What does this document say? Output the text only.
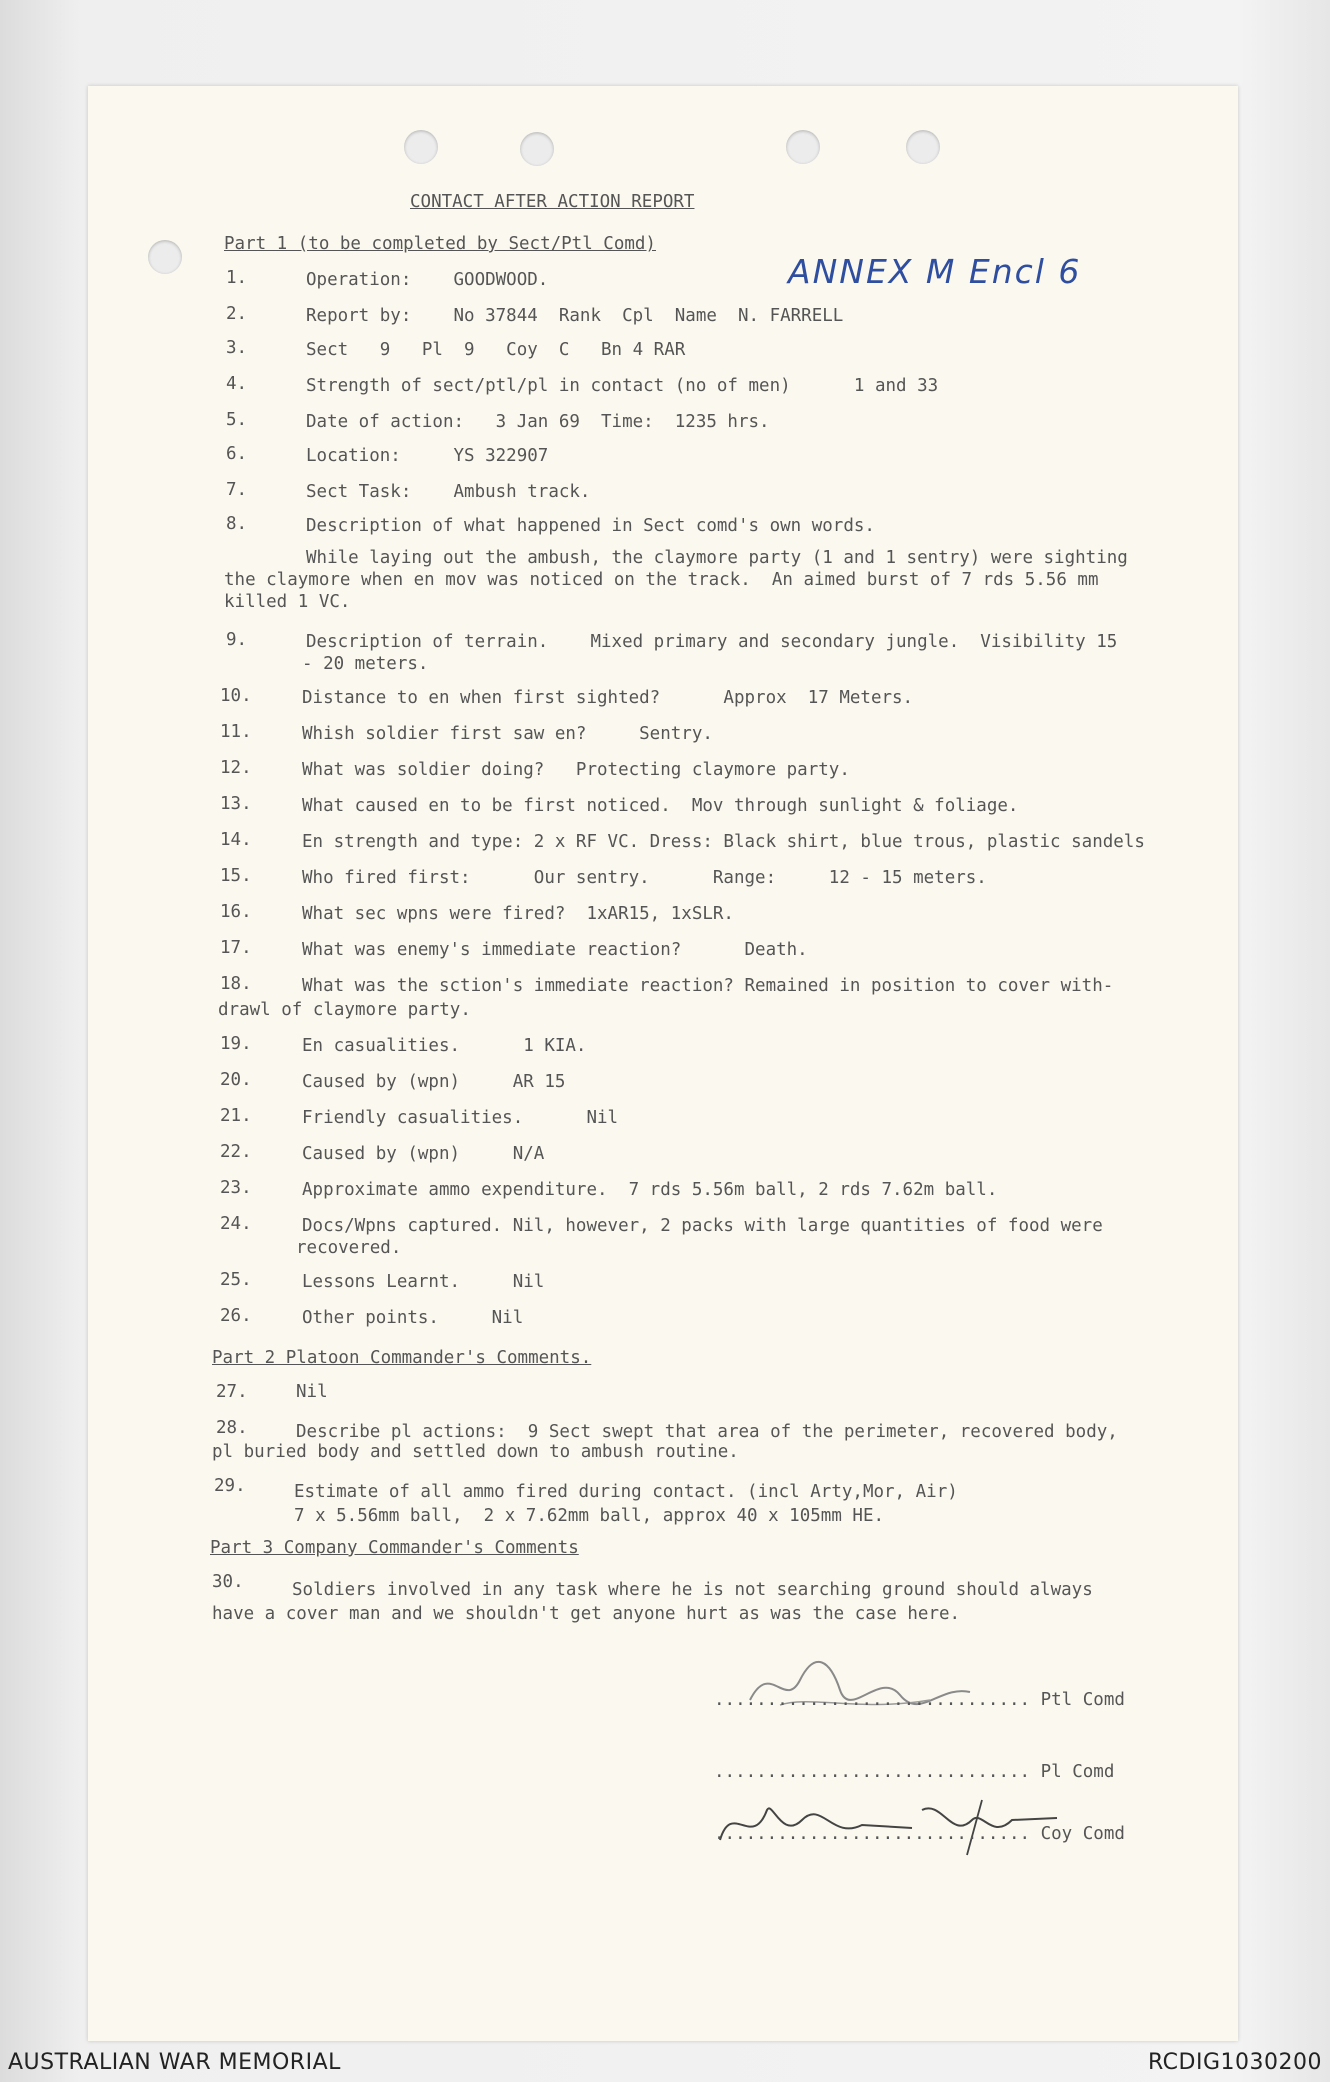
CONTACT AFTER ACTION REPORT
ANNEX M Encl 6
Part 1 (to be completed by Sect/Ptl Comd)
1.	Operation:    GOODWOOD.
2.	Report by:    No 37844  Rank  Cpl  Name  N. FARRELL
3.	Sect   9   Pl  9   Coy  C   Bn 4 RAR
4.	Strength of sect/ptl/pl in contact (no of men)      1 and 33
5.	Date of action:   3 Jan 69  Time:  1235 hrs.
6.	Location:     YS 322907
7.	Sect Task:    Ambush track.
8.	Description of what happened in Sect comd's own words.
9.	Description of terrain.    Mixed primary and secondary jungle.  Visibility 15
10.	Distance to en when first sighted?      Approx  17 Meters.
11.	Whish soldier first saw en?     Sentry.
12.	What was soldier doing?   Protecting claymore party.
13.	What caused en to be first noticed.  Mov through sunlight & foliage.
14.	En strength and type: 2 x RF VC. Dress: Black shirt, blue trous, plastic sandels
15.	Who fired first:      Our sentry.      Range:     12 - 15 meters.
16.	What sec wpns were fired?  1xAR15, 1xSLR.
17.	What was enemy's immediate reaction?      Death.
18.	What was the sction's immediate reaction? Remained in position to cover with-
19.	En casualities.      1 KIA.
20.	Caused by (wpn)     AR 15
21.	Friendly casualities.      Nil
22.	Caused by (wpn)     N/A
23.	Approximate ammo expenditure.  7 rds 5.56m ball, 2 rds 7.62m ball.
24.	Docs/Wpns captured. Nil, however, 2 packs with large quantities of food were
25.	Lessons Learnt.     Nil
26.	Other points.     Nil
While laying out the ambush, the claymore party (1 and 1 sentry) were sighting
the claymore when en mov was noticed on the track.  An aimed burst of 7 rds 5.56 mm
killed 1 VC.
- 20 meters.
drawl of claymore party.
recovered.
Part 2 Platoon Commander's Comments.
27.	Nil
28.	Describe pl actions:  9 Sect swept that area of the perimeter, recovered body,
pl buried body and settled down to ambush routine.
29.	Estimate of all ammo fired during contact. (incl Arty,Mor, Air)
7 x 5.56mm ball,  2 x 7.62mm ball, approx 40 x 105mm HE.
Part 3 Company Commander's Comments
30.	Soldiers involved in any task where he is not searching ground should always
have a cover man and we shouldn't get anyone hurt as was the case here.
.............................. Ptl Comd
.............................. Pl Comd
.............................. Coy Comd
AUSTRALIAN WAR MEMORIAL	RCDIG1030200
